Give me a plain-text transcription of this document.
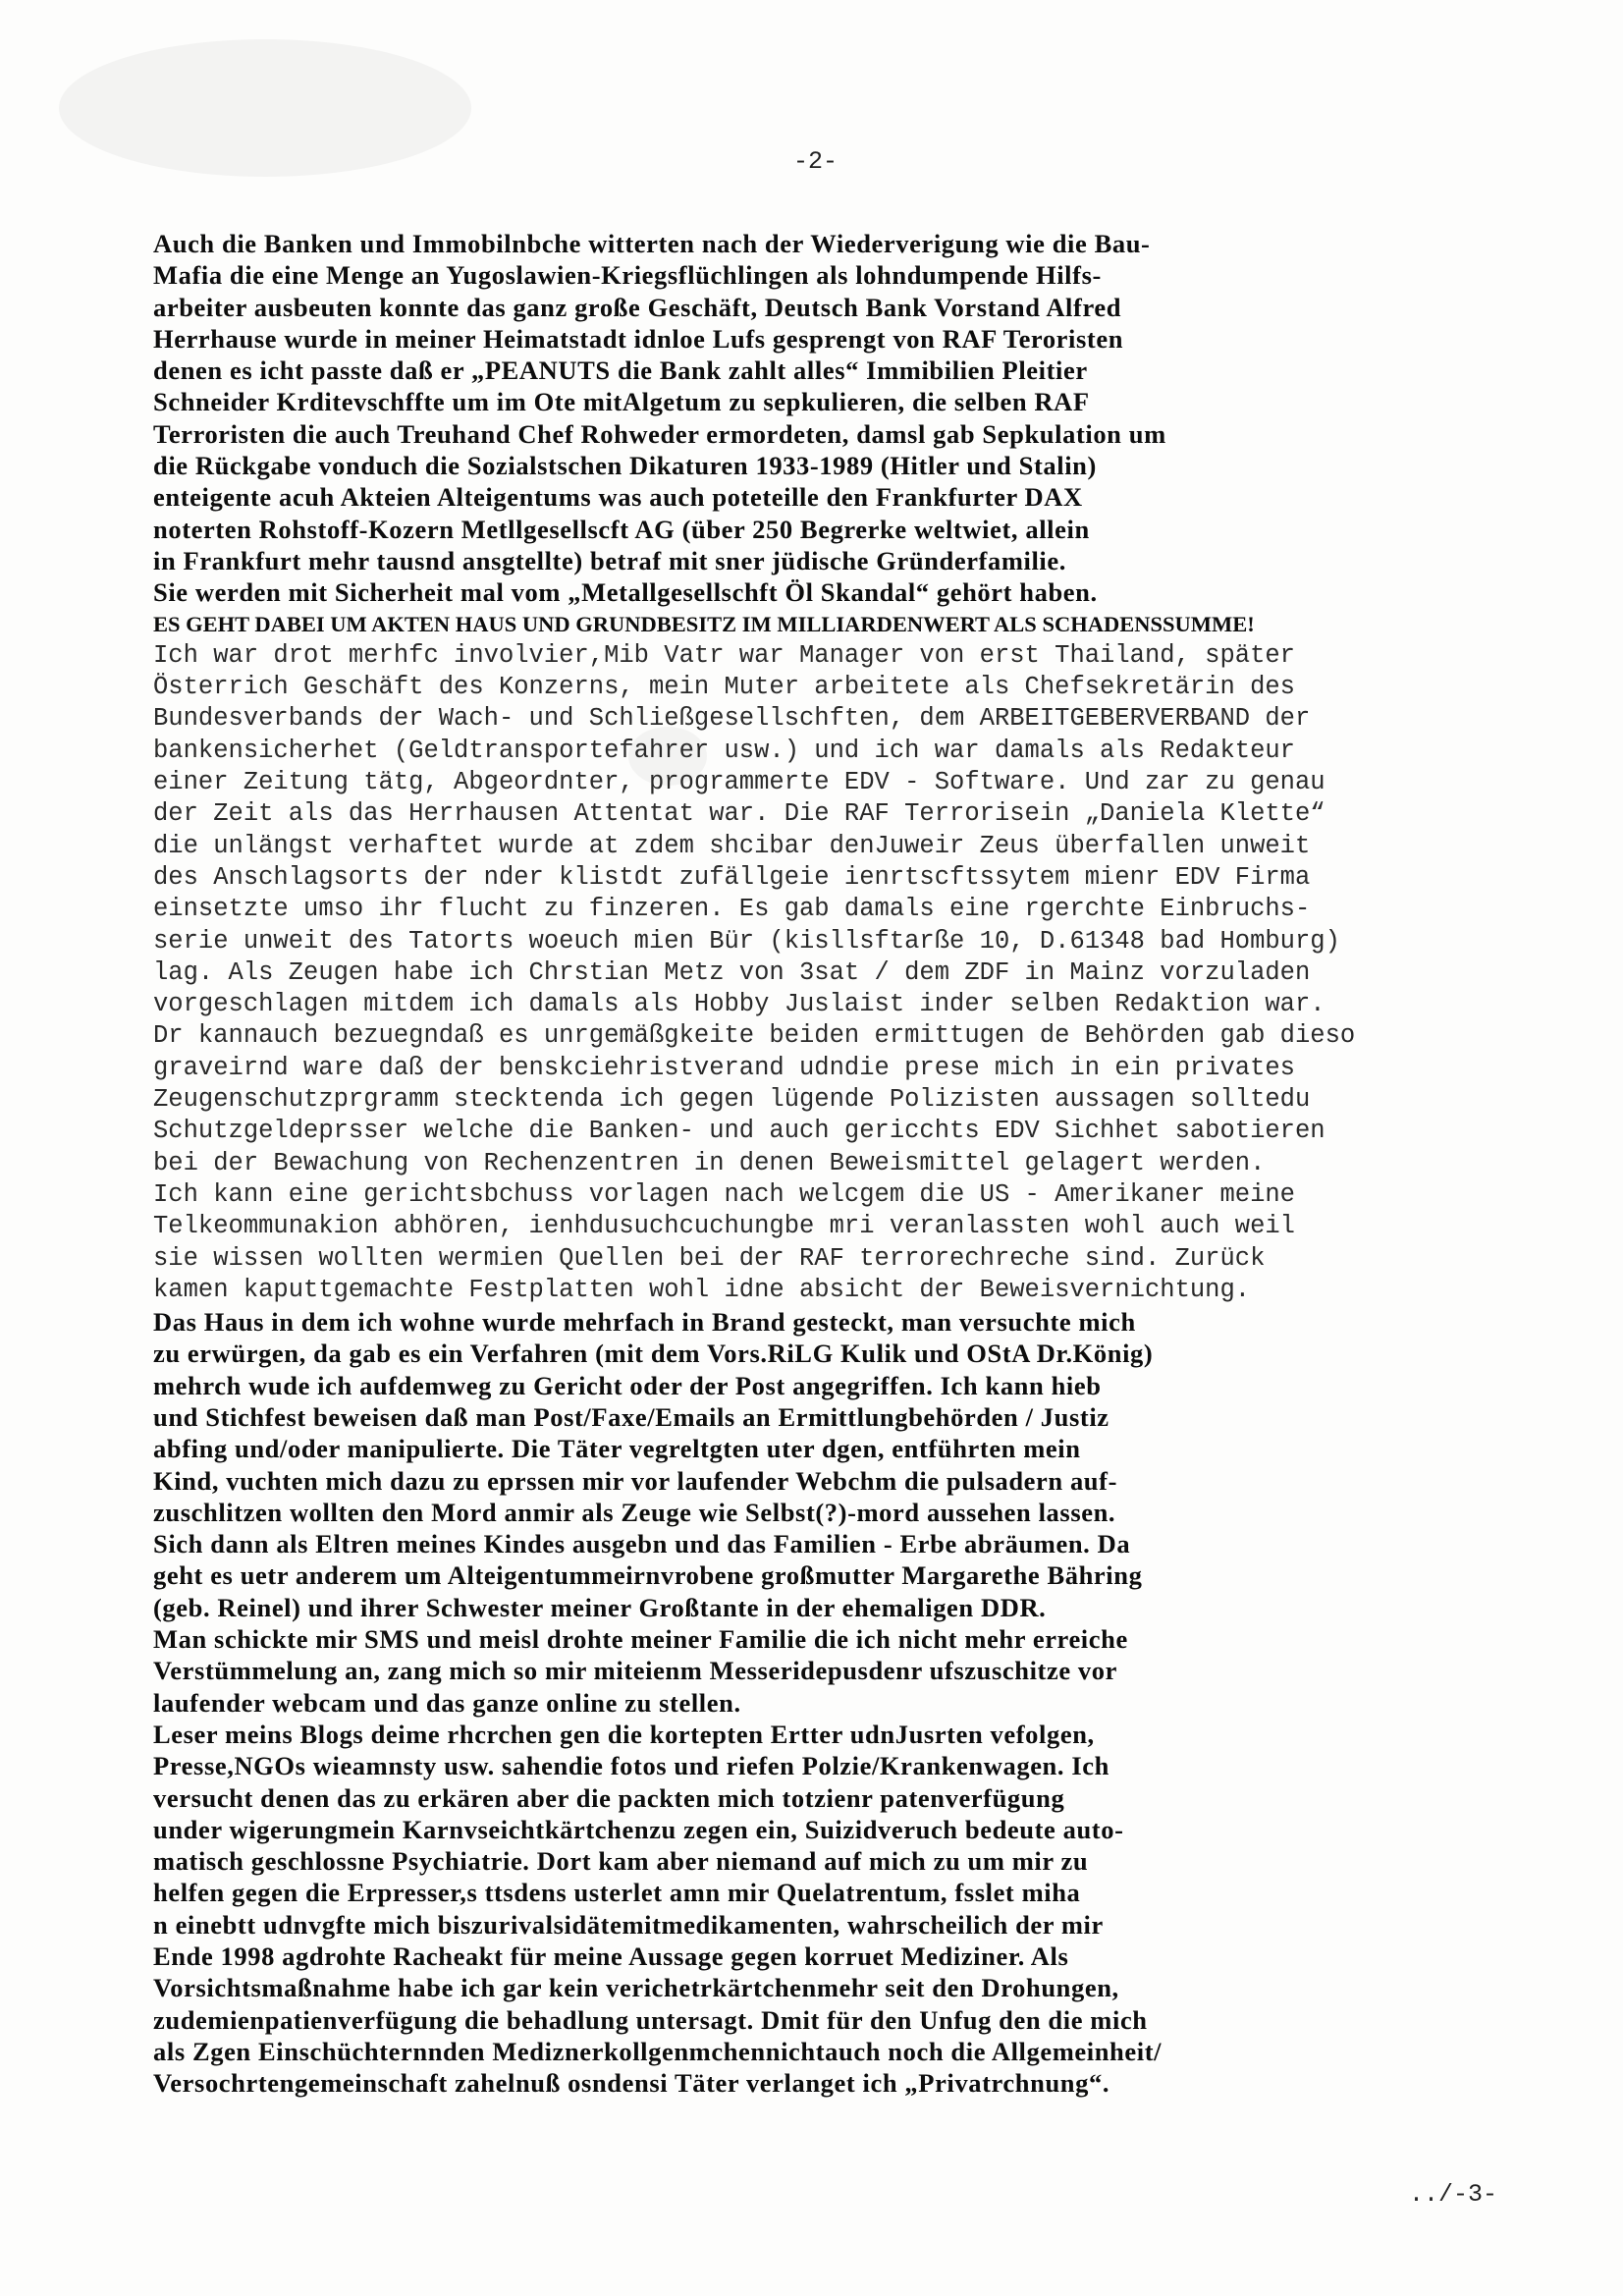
-2-
Auch die Banken und Immobilnbche witterten nach der Wiederverigung wie die Bau-
Mafia die eine Menge an Yugoslawien-Kriegsflüchlingen als lohndumpende Hilfs-
arbeiter ausbeuten konnte das ganz große Geschäft, Deutsch Bank Vorstand Alfred
Herrhause wurde in meiner Heimatstadt idnloe Lufs gesprengt von RAF Teroristen
denen es icht passte daß er „PEANUTS die Bank zahlt alles“ Immibilien Pleitier
Schneider Krditevschffte um im Ote mitAlgetum zu sepkulieren, die selben RAF
Terroristen die auch Treuhand Chef Rohweder ermordeten, damsl gab Sepkulation um
die Rückgabe vonduch die Sozialstschen Dikaturen 1933-1989 (Hitler und Stalin)
enteigente acuh Akteien Alteigentums was auch poteteille den Frankfurter DAX
noterten Rohstoff-Kozern Metllgesellscft AG (über 250 Begrerke weltwiet, allein
in Frankfurt mehr tausnd ansgtellte) betraf mit sner jüdische Gründerfamilie.
Sie werden mit Sicherheit mal vom „Metallgesellschft Öl Skandal“ gehört haben.
ES GEHT DABEI UM AKTEN HAUS UND GRUNDBESITZ IM MILLIARDENWERT ALS SCHADENSSUMME!
Ich war drot merhfc involvier,Mib Vatr war Manager von erst Thailand, später
Österrich Geschäft des Konzerns, mein Muter arbeitete als Chefsekretärin des
Bundesverbands der Wach- und Schließgesellschften, dem ARBEITGEBERVERBAND der
bankensicherhet (Geldtransportefahrer usw.) und ich war damals als Redakteur
einer Zeitung tätg, Abgeordnter, programmerte EDV - Software. Und zar zu genau
der Zeit als das Herrhausen Attentat war. Die RAF Terrorisein „Daniela Klette“
die unlängst verhaftet wurde at zdem shcibar denJuweir Zeus überfallen unweit
des Anschlagsorts der nder klistdt zufällgeie ienrtscftssytem mienr EDV Firma
einsetzte umso ihr flucht zu finzeren. Es gab damals eine rgerchte Einbruchs-
serie unweit des Tatorts woeuch mien Bür (kisllsftarße 10, D.61348 bad Homburg)
lag. Als Zeugen habe ich Chrstian Metz von 3sat / dem ZDF in Mainz vorzuladen
vorgeschlagen mitdem ich damals als Hobby Juslaist inder selben Redaktion war.
Dr kannauch bezuegndaß es unrgemäßgkeite beiden ermittugen de Behörden gab dieso
graveirnd ware daß der benskciehristverand udndie prese mich in ein privates
Zeugenschutzprgramm stecktenda ich gegen lügende Polizisten aussagen solltedu
Schutzgeldeprsser welche die Banken- und auch gericchts EDV Sichhet sabotieren
bei der Bewachung von Rechenzentren in denen Beweismittel gelagert werden.
Ich kann eine gerichtsbchuss vorlagen nach welcgem die US - Amerikaner meine
Telkeommunakion abhören, ienhdusuchcuchungbe mri veranlassten wohl auch weil
sie wissen wollten wermien Quellen bei der RAF terrorechreche sind. Zurück
kamen kaputtgemachte Festplatten wohl idne absicht der Beweisvernichtung.
Das Haus in dem ich wohne wurde mehrfach in Brand gesteckt, man versuchte mich
zu erwürgen, da gab es ein Verfahren (mit dem Vors.RiLG Kulik und OStA Dr.König)
mehrch wude ich aufdemweg zu Gericht oder der Post angegriffen. Ich kann hieb
und Stichfest beweisen daß man Post/Faxe/Emails an Ermittlungbehörden / Justiz
abfing und/oder manipulierte. Die Täter vegreltgten uter dgen, entführten mein
Kind, vuchten mich dazu zu eprssen mir vor laufender Webchm die pulsadern auf-
zuschlitzen wollten den Mord anmir als Zeuge wie Selbst(?)-mord aussehen lassen.
Sich dann als Eltren meines Kindes ausgebn und das Familien - Erbe abräumen. Da
geht es uetr anderem um Alteigentummeirnvrobene großmutter Margarethe Bähring
(geb. Reinel) und ihrer Schwester meiner Großtante in der ehemaligen DDR.
Man schickte mir SMS und meisl drohte meiner Familie die ich nicht mehr erreiche
Verstümmelung an, zang mich so mir miteienm Messeridepusdenr ufszuschitze vor
laufender webcam und das ganze online zu stellen.
Leser meins Blogs deime rhcrchen gen die kortepten Ertter udnJusrten vefolgen,
Presse,NGOs wieamnsty usw. sahendie fotos und riefen Polzie/Krankenwagen. Ich
versucht denen das zu erkären aber die packten mich totzienr patenverfügung
under wigerungmein Karnvseichtkärtchenzu zegen ein, Suizidveruch bedeute auto-
matisch geschlossne Psychiatrie. Dort kam aber niemand auf mich zu um mir zu
helfen gegen die Erpresser,s ttsdens usterlet amn mir Quelatrentum, fsslet miha
n einebtt udnvgfte mich biszurivalsidätemitmedikamenten, wahrscheilich der mir
Ende 1998 agdrohte Racheakt für meine Aussage gegen korruet Mediziner. Als
Vorsichtsmaßnahme habe ich gar kein verichetrkärtchenmehr seit den Drohungen,
zudemienpatienverfügung die behadlung untersagt. Dmit für den Unfug den die mich
als Zgen Einschüchternnden Mediznerkollgenmchennichtauch noch die Allgemeinheit/
Versochrtengemeinschaft zahelnuß osndensi Täter verlanget ich „Privatrchnung“.
../-3-
